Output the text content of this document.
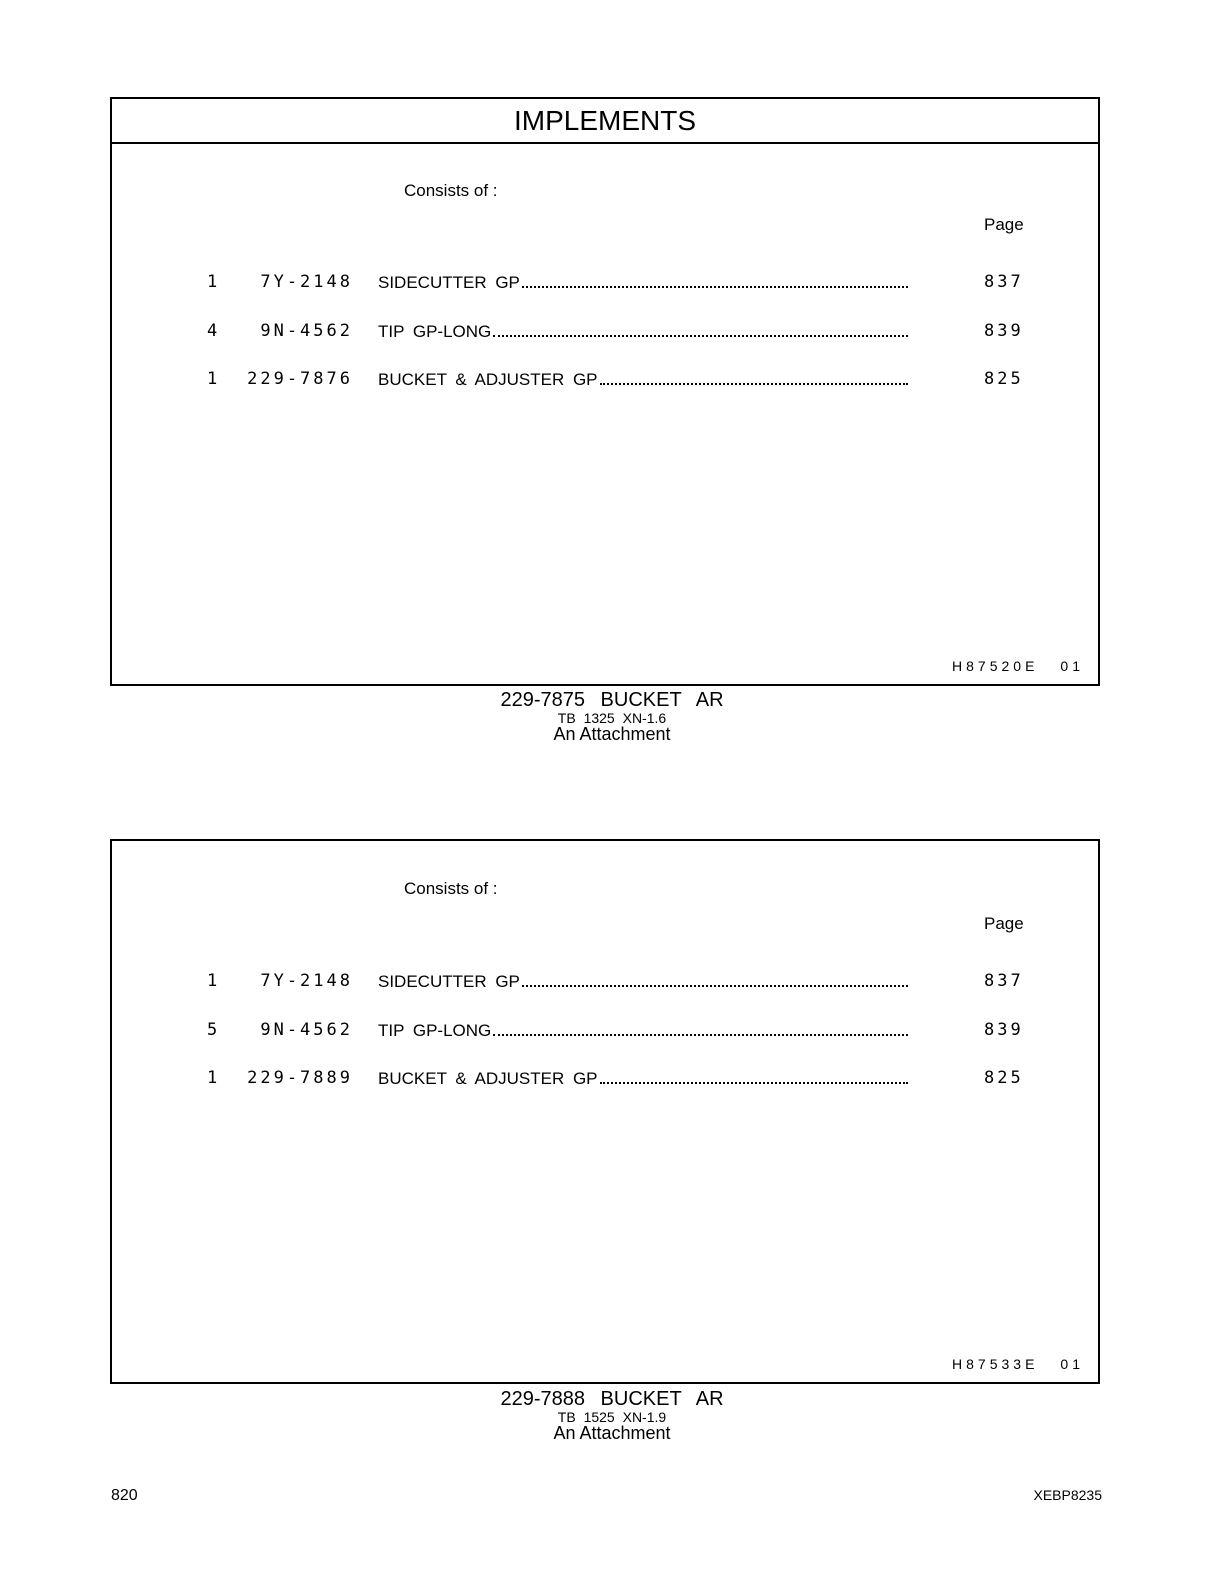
IMPLEMENTS
Consists of :
Page
1	7Y-2148 SIDECUTTER GP	837
4	9N-4562 TIP GP-LONG	839
1 229-7876 BUCKET & ADJUSTER GP	825
H87520E 01
229-7875 BUCKET AR
TB 1325 XN-1.6
An Attachment
Consists of :
Page
1	7Y-2148 SIDECUTTER GP	837
5	9N-4562 TIP GP-LONG	839
1 229-7889 BUCKET & ADJUSTER GP	825
H87533E 01
229-7888 BUCKET AR
TB 1525 XN-1.9
An Attachment
820	XEBP8235
